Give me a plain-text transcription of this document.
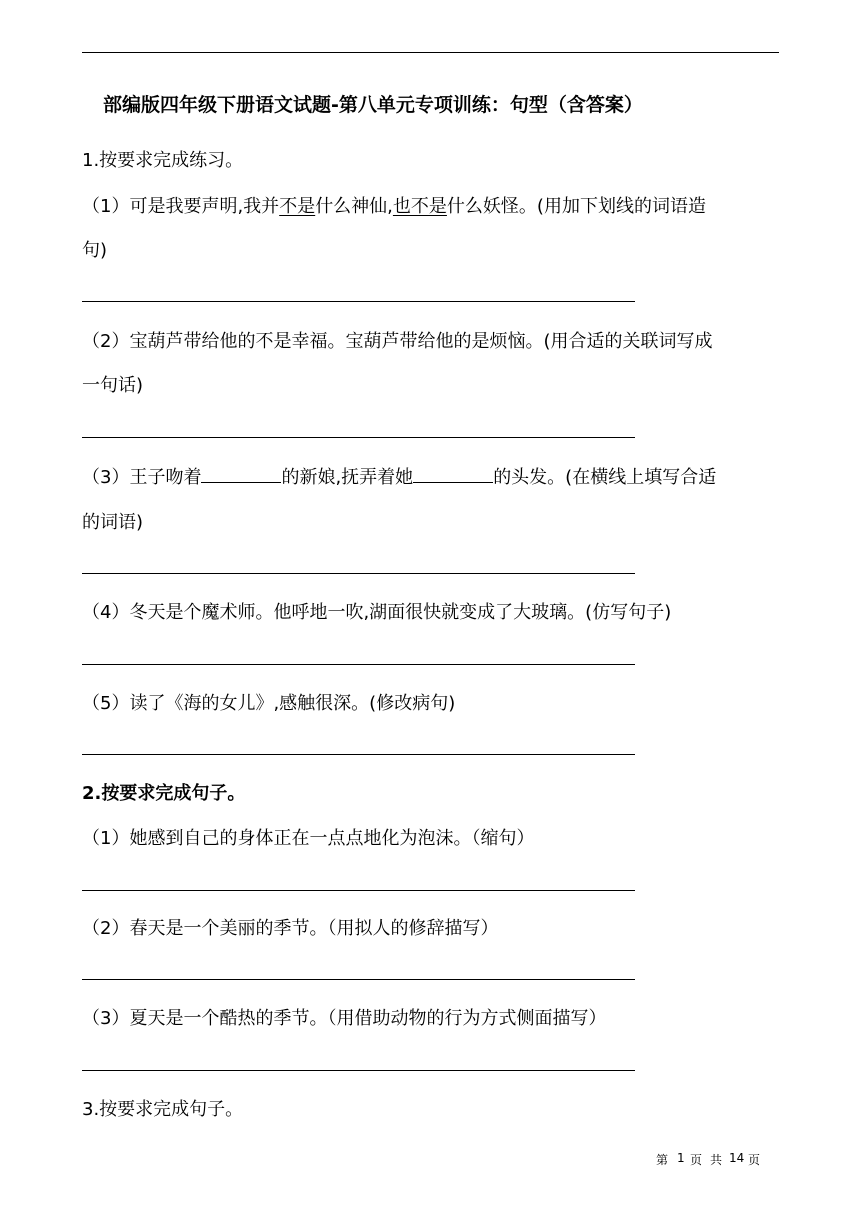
部编版四年级下册语文试题-第八单元专项训练：句型（含答案）
1.按要求完成练习。
（1）可是我要声明,我并不是什么神仙,也不是什么妖怪。(用加下划线的词语造
句)
（2）宝葫芦带给他的不是幸福。宝葫芦带给他的是烦恼。(用合适的关联词写成
一句话)
（3）王子吻着	的新娘,抚弄着她	的头发。(在横线上填写合适
的词语)
（4）冬天是个魔术师。他呼地一吹,湖面很快就变成了大玻璃。(仿写句子)
（5）读了《海的女儿》,感触很深。(修改病句)
2.按要求完成句子。
（1）她感到自己的身体正在一点点地化为泡沫。（缩句）
（2）春天是一个美丽的季节。（用拟人的修辞描写）
（3）夏天是一个酷热的季节。（用借助动物的行为方式侧面描写）
3.按要求完成句子。
第 1 页 共 14 页
